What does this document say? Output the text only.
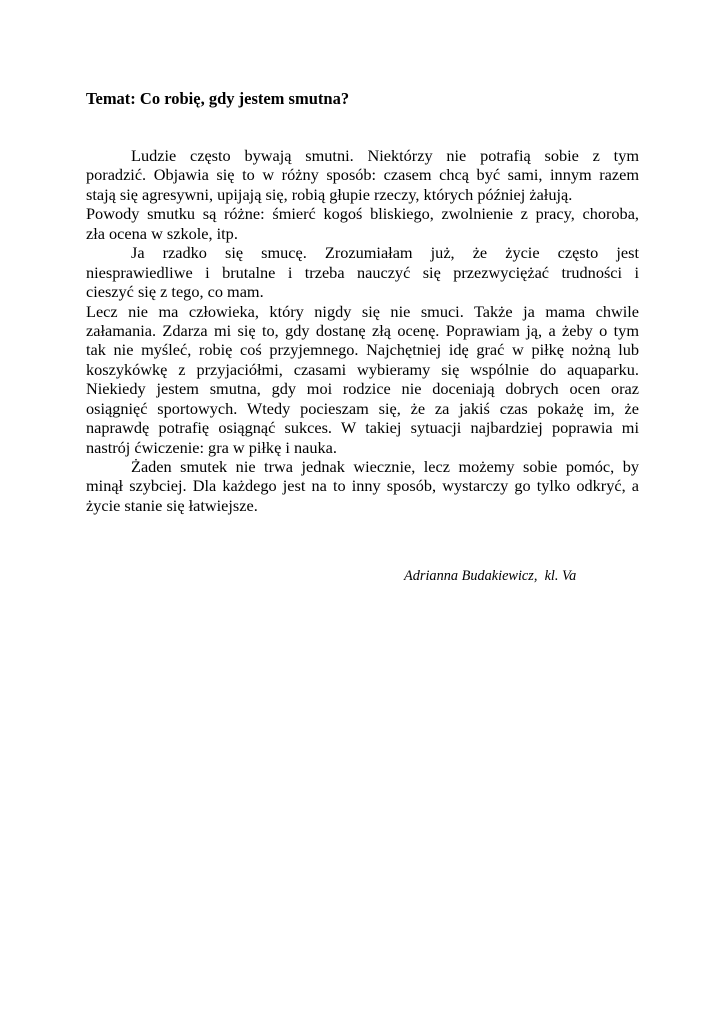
Temat: Co robię, gdy jestem smutna?
Ludzie często bywają smutni. Niektórzy nie potrafią sobie z tym
poradzić. Objawia się to w różny sposób: czasem chcą być sami, innym razem
stają się agresywni, upijają się, robią głupie rzeczy, których później żałują.
Powody smutku są różne: śmierć kogoś bliskiego, zwolnienie z pracy, choroba,
zła ocena w szkole, itp.
Ja rzadko się smucę. Zrozumiałam już, że życie często jest
niesprawiedliwe i brutalne i trzeba nauczyć się przezwyciężać trudności i
cieszyć się z tego, co mam.
Lecz nie ma człowieka, który nigdy się nie smuci. Także ja mama chwile
załamania. Zdarza mi się to, gdy dostanę złą ocenę. Poprawiam ją, a żeby o tym
tak nie myśleć, robię coś przyjemnego. Najchętniej idę grać w piłkę nożną lub
koszykówkę z przyjaciółmi, czasami wybieramy się wspólnie do aquaparku.
Niekiedy jestem smutna, gdy moi rodzice nie doceniają dobrych ocen oraz
osiągnięć sportowych. Wtedy pocieszam się, że za jakiś czas pokażę im, że
naprawdę potrafię osiągnąć sukces. W takiej sytuacji najbardziej poprawia mi
nastrój ćwiczenie: gra w piłkę i nauka.
Żaden smutek nie trwa jednak wiecznie, lecz możemy sobie pomóc, by
minął szybciej. Dla każdego jest na to inny sposób, wystarczy go tylko odkryć, a
życie stanie się łatwiejsze.
Adrianna Budakiewicz,  kl. Va
